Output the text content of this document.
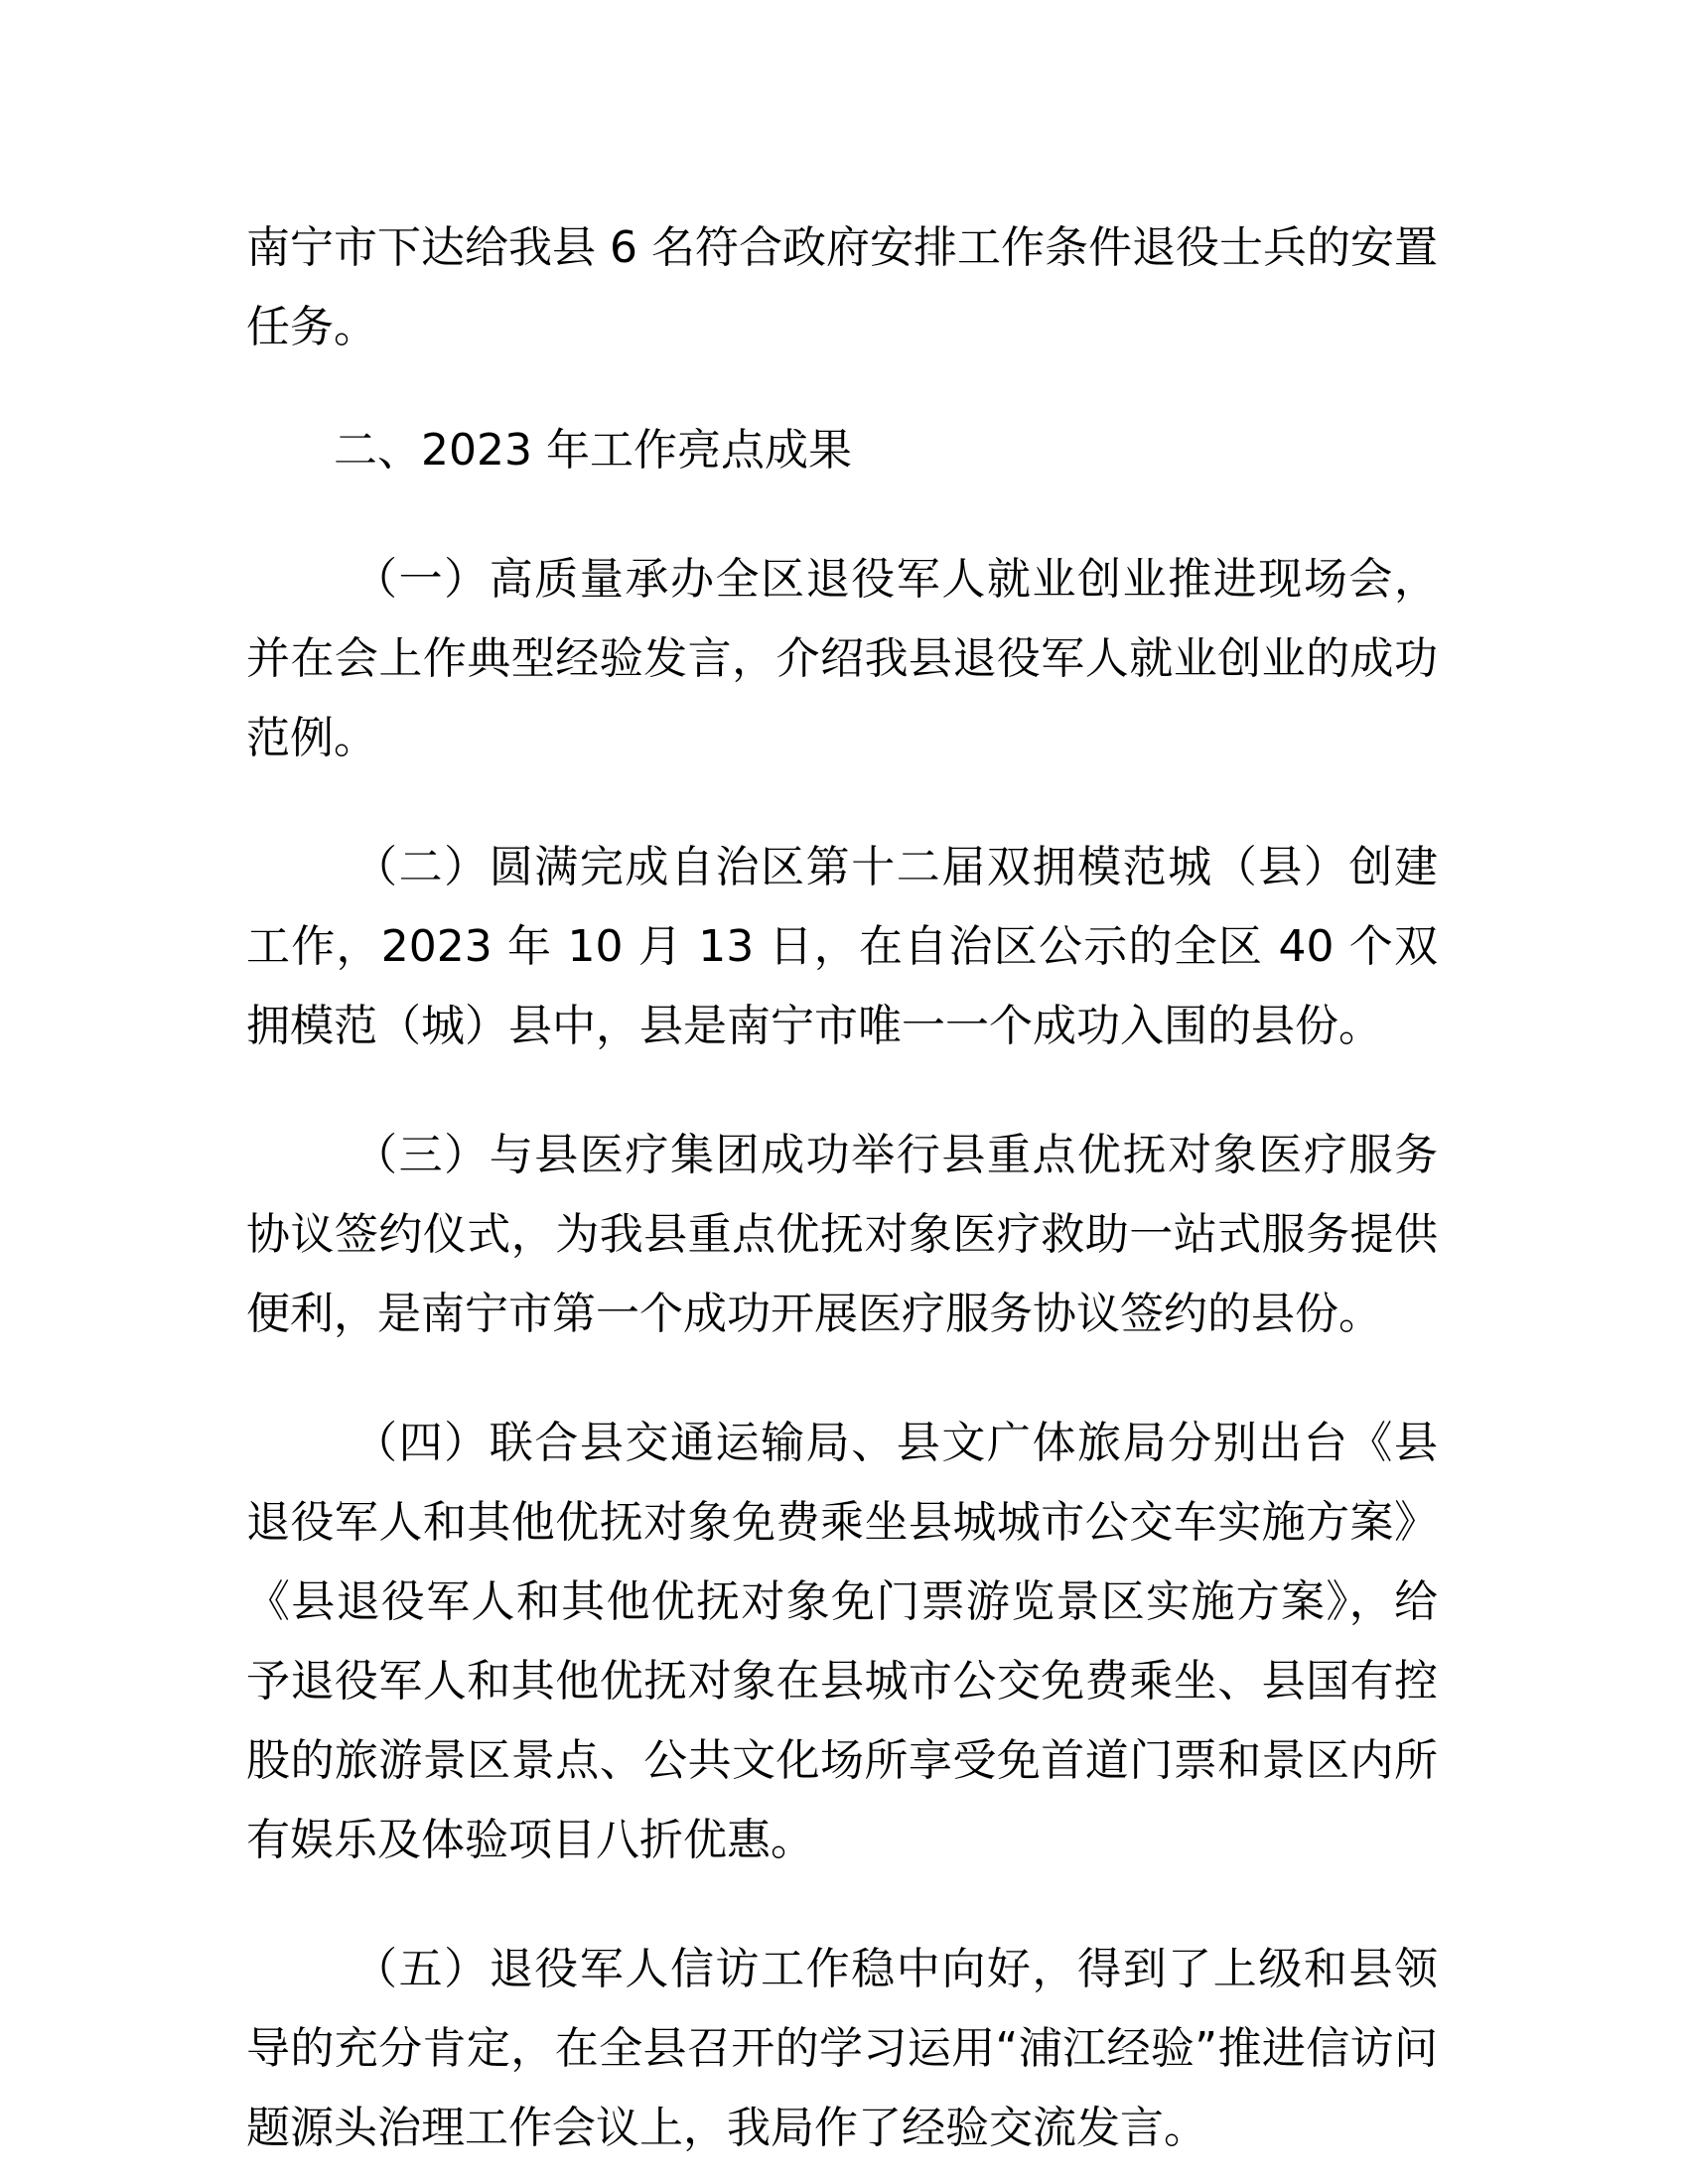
南宁市下达给我县 6 名符合政府安排工作条件退役士兵的安置任务。

二、2023 年工作亮点成果

（一）高质量承办全区退役军人就业创业推进现场会，并在会上作典型经验发言，介绍我县退役军人就业创业的成功范例。

（二）圆满完成自治区第十二届双拥模范城（县）创建工作，2023 年 10 月 13 日，在自治区公示的全区 40 个双拥模范（城）县中，县是南宁市唯一一个成功入围的县份。

（三）与县医疗集团成功举行县重点优抚对象医疗服务协议签约仪式，为我县重点优抚对象医疗救助一站式服务提供便利，是南宁市第一个成功开展医疗服务协议签约的县份。

（四）联合县交通运输局、县文广体旅局分别出台《县退役军人和其他优抚对象免费乘坐县城城市公交车实施方案》《县退役军人和其他优抚对象免门票游览景区实施方案》，给予退役军人和其他优抚对象在县城市公交免费乘坐、县国有控股的旅游景区景点、公共文化场所享受免首道门票和景区内所有娱乐及体验项目八折优惠。

（五）退役军人信访工作稳中向好，得到了上级和县领导的充分肯定，在全县召开的学习运用“浦江经验”推进信访问题源头治理工作会议上，我局作了经验交流发言。
